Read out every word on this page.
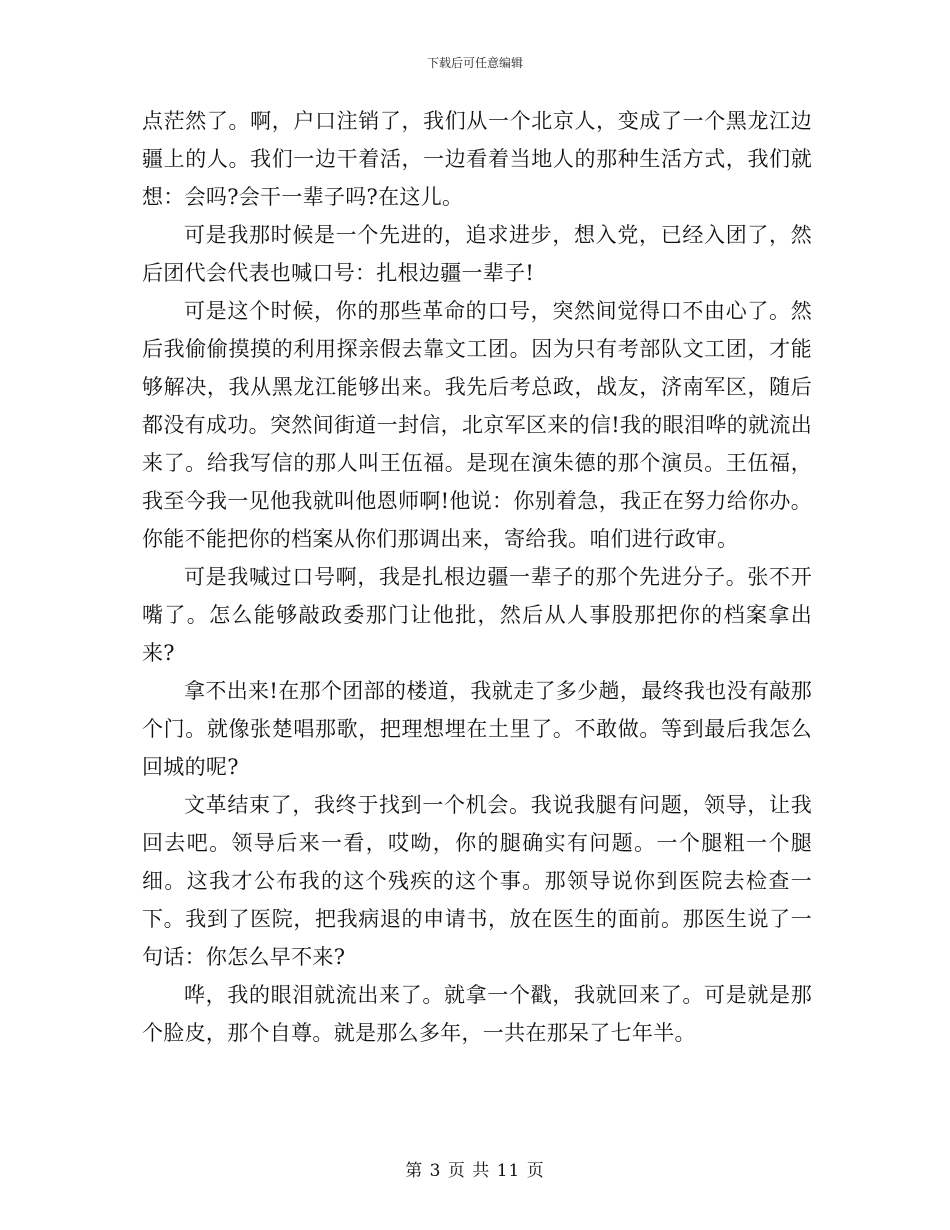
下载后可任意编辑

点茫然了。啊，户口注销了，我们从一个北京人，变成了一个黑龙江边疆上的人。我们一边干着活，一边看着当地人的那种生活方式，我们就想：会吗?会干一辈子吗?在这儿。

可是我那时候是一个先进的，追求进步，想入党，已经入团了，然后团代会代表也喊口号：扎根边疆一辈子!

可是这个时候，你的那些革命的口号，突然间觉得口不由心了。然后我偷偷摸摸的利用探亲假去靠文工团。因为只有考部队文工团，才能够解决，我从黑龙江能够出来。我先后考总政，战友，济南军区，随后都没有成功。突然间街道一封信，北京军区来的信!我的眼泪哗的就流出来了。给我写信的那人叫王伍福。是现在演朱德的那个演员。王伍福，我至今我一见他我就叫他恩师啊!他说：你别着急，我正在努力给你办。你能不能把你的档案从你们那调出来，寄给我。咱们进行政审。

可是我喊过口号啊，我是扎根边疆一辈子的那个先进分子。张不开嘴了。怎么能够敲政委那门让他批，然后从人事股那把你的档案拿出来?

拿不出来!在那个团部的楼道，我就走了多少趟，最终我也没有敲那个门。就像张楚唱那歌，把理想埋在土里了。不敢做。等到最后我怎么回城的呢?

文革结束了，我终于找到一个机会。我说我腿有问题，领导，让我回去吧。领导后来一看，哎呦，你的腿确实有问题。一个腿粗一个腿细。这我才公布我的这个残疾的这个事。那领导说你到医院去检查一下。我到了医院，把我病退的申请书，放在医生的面前。那医生说了一句话：你怎么早不来?

哗，我的眼泪就流出来了。就拿一个戳，我就回来了。可是就是那个脸皮，那个自尊。就是那么多年，一共在那呆了七年半。

第 3 页 共 11 页
